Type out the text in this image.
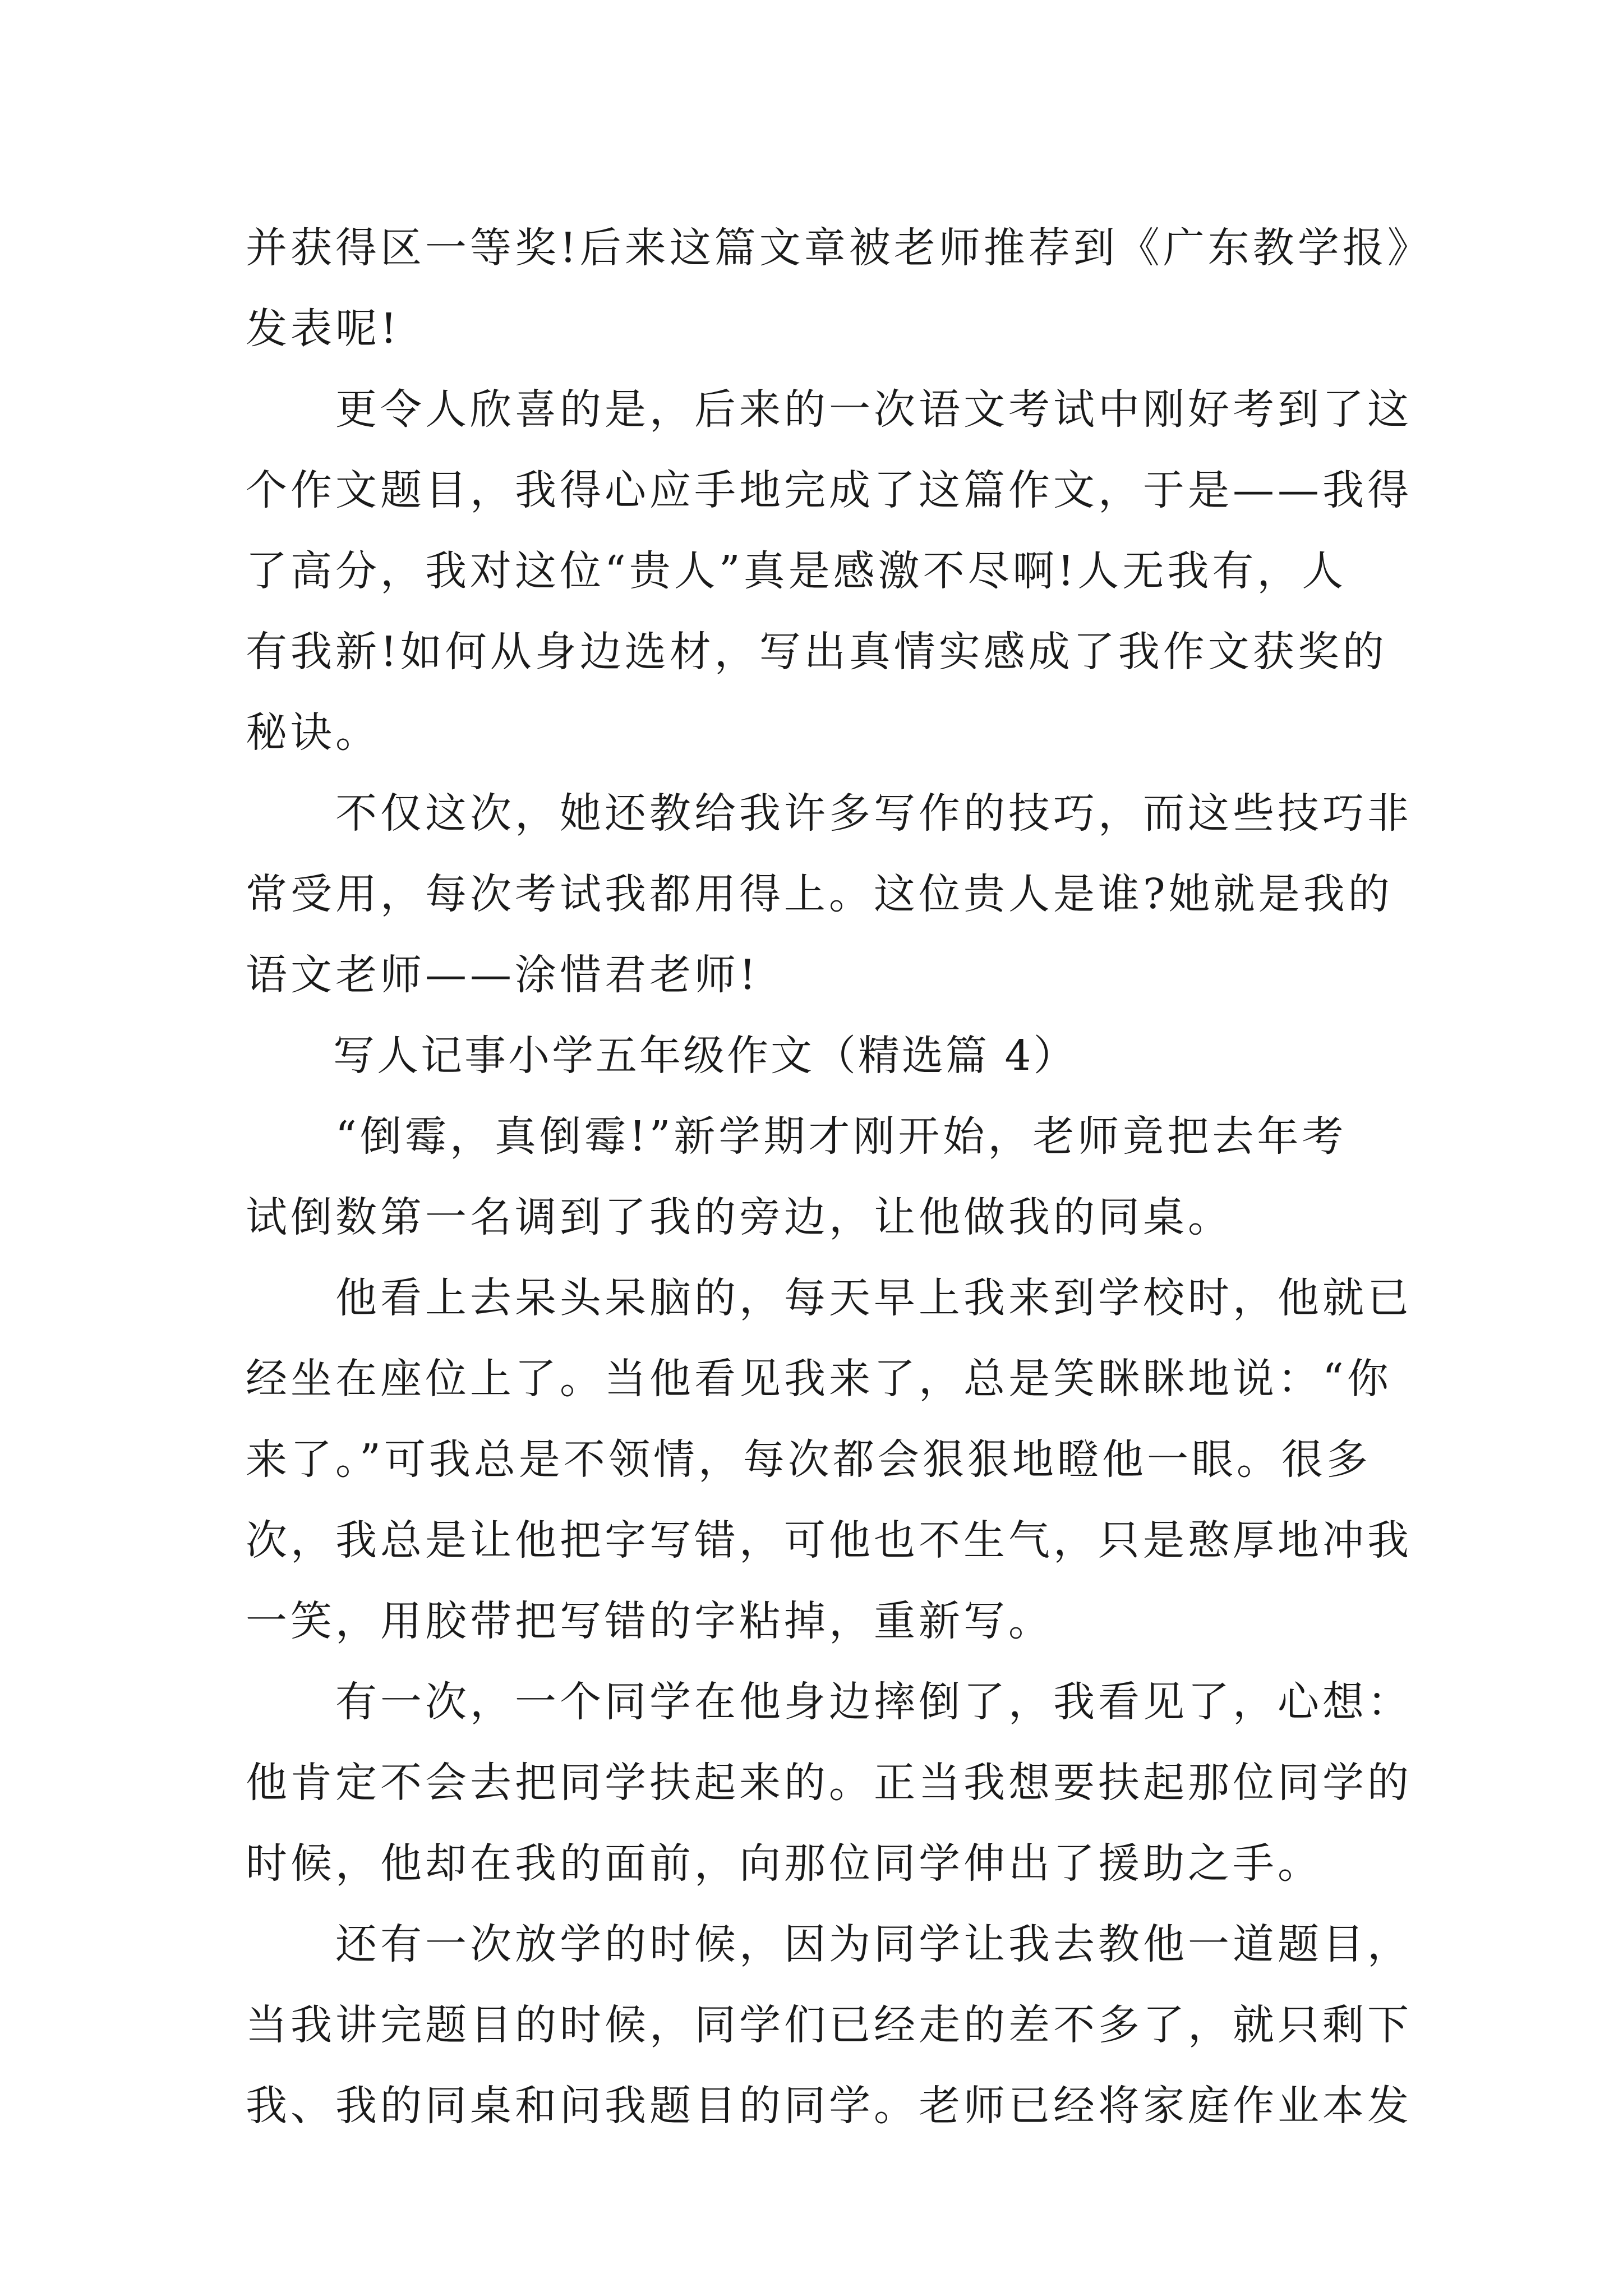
并获得区一等奖!后来这篇文章被老师推荐到《广东教学报》
发表呢!
　　更令人欣喜的是，后来的一次语文考试中刚好考到了这
个作文题目，我得心应手地完成了这篇作文，于是——我得
了高分，我对这位“贵人”真是感激不尽啊!人无我有，人
有我新!如何从身边选材，写出真情实感成了我作文获奖的
秘诀。
　　不仅这次，她还教给我许多写作的技巧，而这些技巧非
常受用，每次考试我都用得上。这位贵人是谁?她就是我的
语文老师——涂惜君老师!
　　写人记事小学五年级作文（精选篇 4）
　　“倒霉，真倒霉!”新学期才刚开始，老师竟把去年考
试倒数第一名调到了我的旁边，让他做我的同桌。
　　他看上去呆头呆脑的，每天早上我来到学校时，他就已
经坐在座位上了。当他看见我来了，总是笑眯眯地说：“你
来了。”可我总是不领情，每次都会狠狠地瞪他一眼。很多
次，我总是让他把字写错，可他也不生气，只是憨厚地冲我
一笑，用胶带把写错的字粘掉，重新写。
　　有一次，一个同学在他身边摔倒了，我看见了，心想：
他肯定不会去把同学扶起来的。正当我想要扶起那位同学的
时候，他却在我的面前，向那位同学伸出了援助之手。
　　还有一次放学的时候，因为同学让我去教他一道题目，
当我讲完题目的时候，同学们已经走的差不多了，就只剩下
我、我的同桌和问我题目的同学。老师已经将家庭作业本发
